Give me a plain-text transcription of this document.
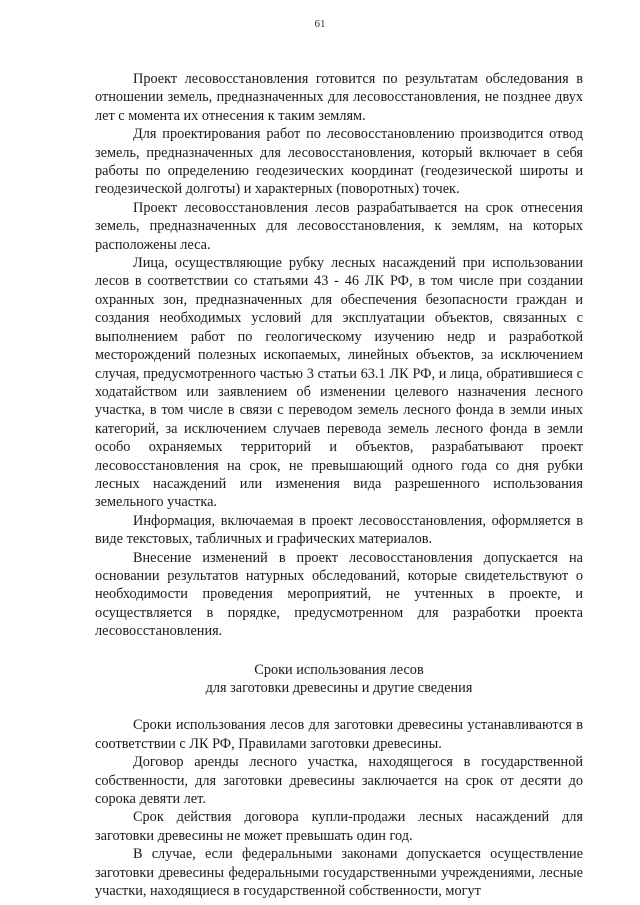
61

Проект лесовосстановления готовится по результатам обследования в отношении земель, предназначенных для лесовосстановления, не позднее двух лет с момента их отнесения к таким землям.

Для проектирования работ по лесовосстановлению производится отвод земель, предназначенных для лесовосстановления, который включает в себя работы по определению геодезических координат (геодезической широты и геодезической долготы) и характерных (поворотных) точек.

Проект лесовосстановления лесов разрабатывается на срок отнесения земель, предназначенных для лесовосстановления, к землям, на которых расположены леса.

Лица, осуществляющие рубку лесных насаждений при использовании лесов в соответствии со статьями 43 - 46 ЛК РФ, в том числе при создании охранных зон, предназначенных для обеспечения безопасности граждан и создания необходимых условий для эксплуатации объектов, связанных с выполнением работ по геологическому изучению недр и разработкой месторождений полезных ископаемых, линейных объектов, за исключением случая, предусмотренного частью 3 статьи 63.1 ЛК РФ, и лица, обратившиеся с ходатайством или заявлением об изменении целевого назначения лесного участка, в том числе в связи с переводом земель лесного фонда в земли иных категорий, за исключением случаев перевода земель лесного фонда в земли особо охраняемых территорий и объектов, разрабатывают проект лесовосстановления на срок, не превышающий одного года со дня рубки лесных насаждений или изменения вида разрешенного использования земельного участка.

Информация, включаемая в проект лесовосстановления, оформляется в виде текстовых, табличных и графических материалов.

Внесение изменений в проект лесовосстановления допускается на основании результатов натурных обследований, которые свидетельствуют о необходимости проведения мероприятий, не учтенных в проекте, и осуществляется в порядке, предусмотренном для разработки проекта лесовосстановления.

Сроки использования лесов
для заготовки древесины и другие сведения

Сроки использования лесов для заготовки древесины устанавливаются в соответствии с ЛК РФ, Правилами заготовки древесины.

Договор аренды лесного участка, находящегося в государственной собственности, для заготовки древесины заключается на срок от десяти до сорока девяти лет.

Срок действия договора купли-продажи лесных насаждений для заготовки древесины не может превышать один год.

В случае, если федеральными законами допускается осуществление заготовки древесины федеральными государственными учреждениями, лесные участки, находящиеся в государственной собственности, могут
